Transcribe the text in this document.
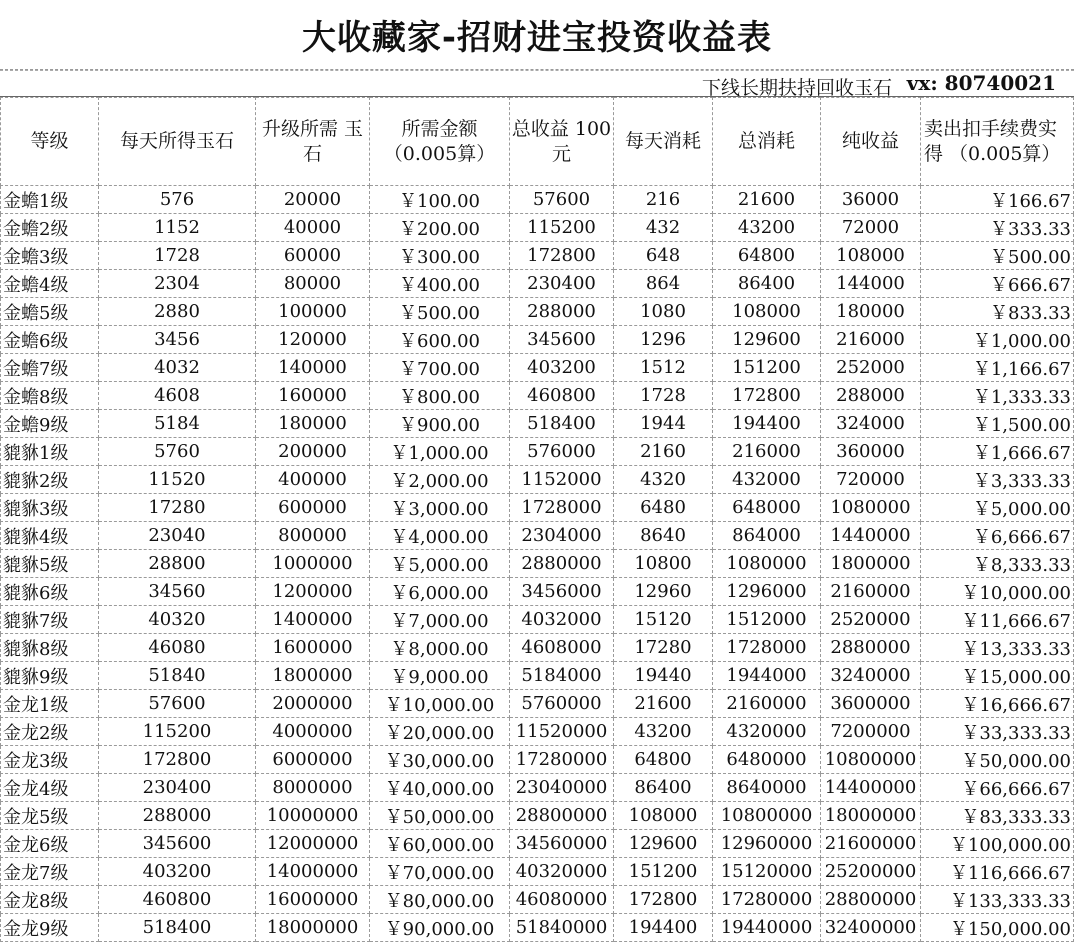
大收藏家-招财进宝投资收益表
下线长期扶持回收玉石 vx: 80740021
等级	每天所得玉石	升级所需 玉石	所需金额 （0.005算）	总收益 100元	每天消耗	总消耗	纯收益	卖出扣手续费实得 （0.005算）
金蟾1级	576	20000	￥100.00	57600	216	21600	36000	￥166.67
金蟾2级	1152	40000	￥200.00	115200	432	43200	72000	￥333.33
金蟾3级	1728	60000	￥300.00	172800	648	64800	108000	￥500.00
金蟾4级	2304	80000	￥400.00	230400	864	86400	144000	￥666.67
金蟾5级	2880	100000	￥500.00	288000	1080	108000	180000	￥833.33
金蟾6级	3456	120000	￥600.00	345600	1296	129600	216000	￥1,000.00
金蟾7级	4032	140000	￥700.00	403200	1512	151200	252000	￥1,166.67
金蟾8级	4608	160000	￥800.00	460800	1728	172800	288000	￥1,333.33
金蟾9级	5184	180000	￥900.00	518400	1944	194400	324000	￥1,500.00
貔貅1级	5760	200000	￥1,000.00	576000	2160	216000	360000	￥1,666.67
貔貅2级	11520	400000	￥2,000.00	1152000	4320	432000	720000	￥3,333.33
貔貅3级	17280	600000	￥3,000.00	1728000	6480	648000	1080000	￥5,000.00
貔貅4级	23040	800000	￥4,000.00	2304000	8640	864000	1440000	￥6,666.67
貔貅5级	28800	1000000	￥5,000.00	2880000	10800	1080000	1800000	￥8,333.33
貔貅6级	34560	1200000	￥6,000.00	3456000	12960	1296000	2160000	￥10,000.00
貔貅7级	40320	1400000	￥7,000.00	4032000	15120	1512000	2520000	￥11,666.67
貔貅8级	46080	1600000	￥8,000.00	4608000	17280	1728000	2880000	￥13,333.33
貔貅9级	51840	1800000	￥9,000.00	5184000	19440	1944000	3240000	￥15,000.00
金龙1级	57600	2000000	￥10,000.00	5760000	21600	2160000	3600000	￥16,666.67
金龙2级	115200	4000000	￥20,000.00	11520000	43200	4320000	7200000	￥33,333.33
金龙3级	172800	6000000	￥30,000.00	17280000	64800	6480000	10800000	￥50,000.00
金龙4级	230400	8000000	￥40,000.00	23040000	86400	8640000	14400000	￥66,666.67
金龙5级	288000	10000000	￥50,000.00	28800000	108000	10800000	18000000	￥83,333.33
金龙6级	345600	12000000	￥60,000.00	34560000	129600	12960000	21600000	￥100,000.00
金龙7级	403200	14000000	￥70,000.00	40320000	151200	15120000	25200000	￥116,666.67
金龙8级	460800	16000000	￥80,000.00	46080000	172800	17280000	28800000	￥133,333.33
金龙9级	518400	18000000	￥90,000.00	51840000	194400	19440000	32400000	￥150,000.00
